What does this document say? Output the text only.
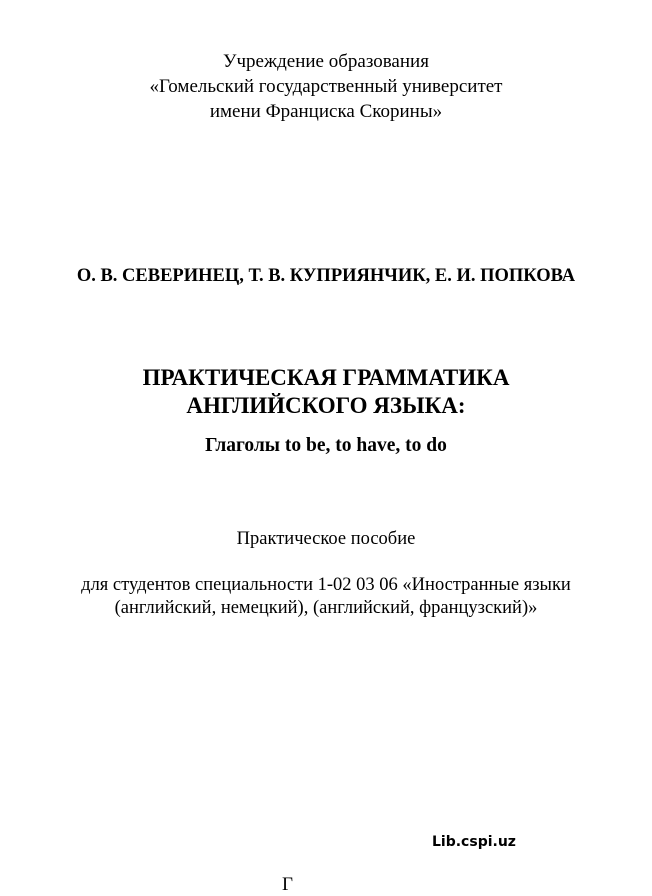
Учреждение образования
«Гомельский государственный университет
имени Франциска Скорины»
О. В. СЕВЕРИНЕЦ, Т. В. КУПРИЯНЧИК, Е. И. ПОПКОВА
ПРАКТИЧЕСКАЯ ГРАММАТИКА
АНГЛИЙСКОГО ЯЗЫКА:
Глаголы to be, to have, to do
Практическое пособие
для студентов специальности 1-02 03 06 «Иностранные языки
(английский, немецкий), (английский, французский)»
Lib.cspi.uz
Г
